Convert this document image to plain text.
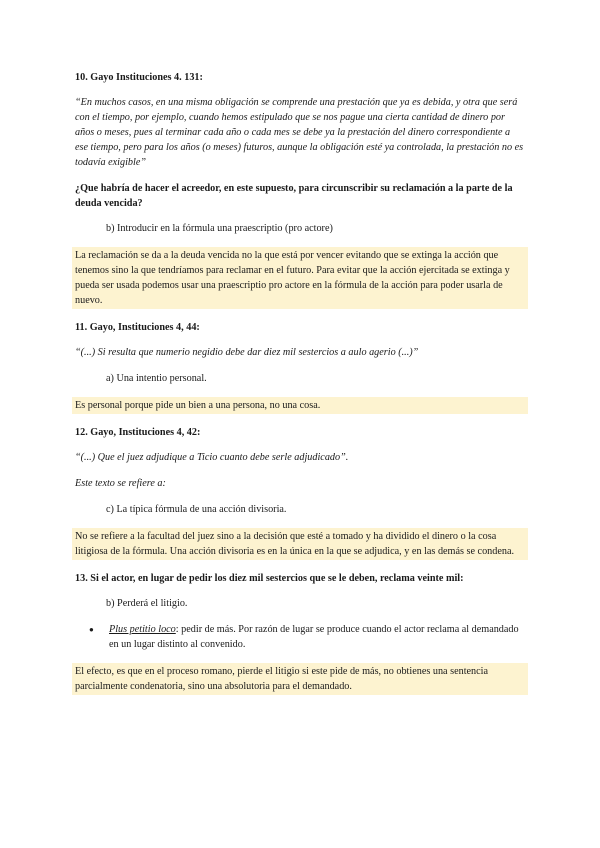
10. Gayo Instituciones 4. 131:

“En muchos casos, en una misma obligación se comprende una prestación que ya es debida, y otra que será con el tiempo, por ejemplo, cuando hemos estipulado que se nos pague una cierta cantidad de dinero por años o meses, pues al terminar cada año o cada mes se debe ya la prestación del dinero correspondiente a ese tiempo, pero para los años (o meses) futuros, aunque la obligación esté ya controlada, la prestación no es todavía exigible”

¿Que habría de hacer el acreedor, en este supuesto, para circunscribir su reclamación a la parte de la deuda vencida?

b) Introducir en la fórmula una praescriptio (pro actore)

La reclamación se da a la deuda vencida no la que está por vencer evitando que se extinga la acción que tenemos sino la que tendríamos para reclamar en el futuro. Para evitar que la acción ejercitada se extinga y pueda ser usada podemos usar una praescriptio pro actore en la fórmula de la acción para poder usarla de nuevo.

11. Gayo, Instituciones 4, 44:

“(...) Si resulta que numerio negidio debe dar diez mil sestercios a aulo agerio (...)”

a) Una intentio personal.

Es personal porque pide un bien a una persona, no una cosa.

12. Gayo, Instituciones 4, 42:

“(...) Que el juez adjudique a Ticio cuanto debe serle adjudicado”.

Este texto se refiere a:

c) La típica fórmula de una acción divisoria.

No se refiere a la facultad del juez sino a la decisión que esté a tomado y ha dividido el dinero o la cosa litigiosa de la fórmula. Una acción divisoria es en la única en la que se adjudica, y en las demás se condena.

13. Si el actor, en lugar de pedir los diez mil sestercios que se le deben, reclama veinte mil:

b) Perderá el litigio.

●	Plus petitio loco: pedir de más. Por razón de lugar se produce cuando el actor reclama al demandado en un lugar distinto al convenido.

El efecto, es que en el proceso romano, pierde el litigio si este pide de más, no obtienes una sentencia parcialmente condenatoria, sino una absolutoria para el demandado.
